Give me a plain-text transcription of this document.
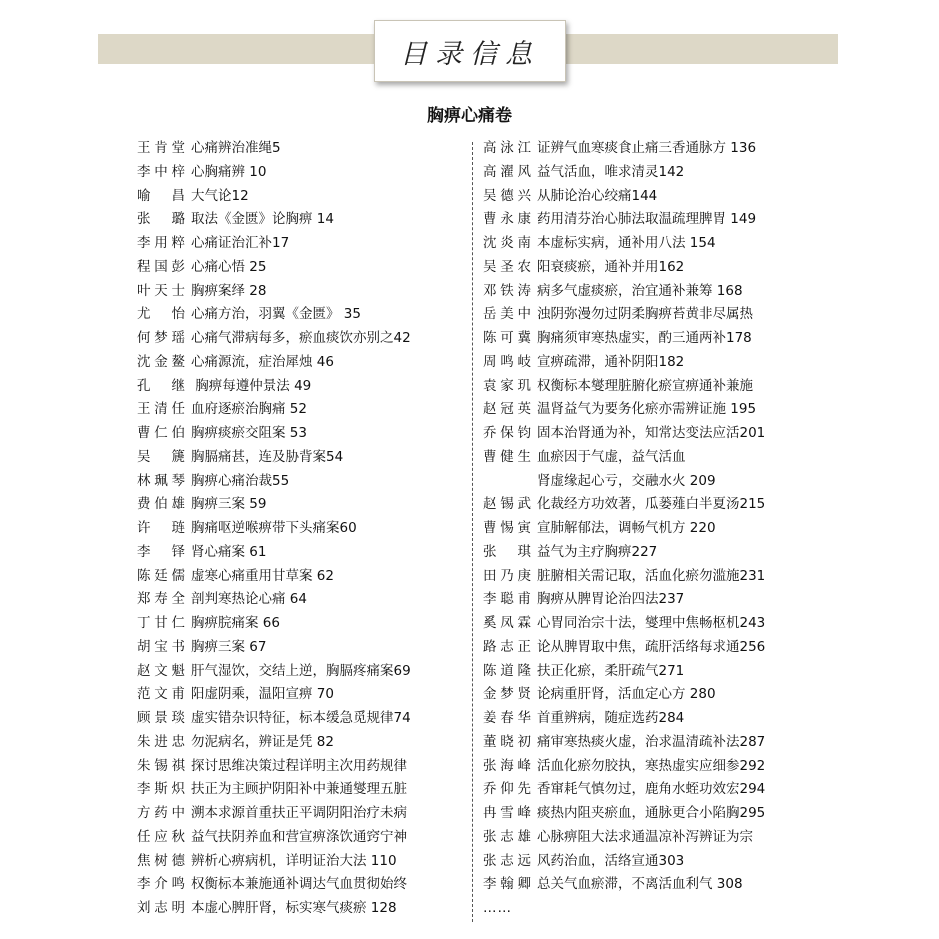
目录信息
胸痹心痛卷
王肯堂 心痛辨治准绳5
李中梓 心胸痛辨 10
喻　昌 大气论12
张　璐 取法《金匮》论胸痹 14
李用粹 心痛证治汇补17
程国彭 心痛心悟 25
叶天士 胸痹案绎 28
尤　怡 心痛方治，羽翼《金匮》 35
何梦瑶 心痛气滞病每多，瘀血痰饮亦别之42
沈金鳌 心痛源流，症治犀烛 46
孔继 胸痹每遵仲景法 49
王清任 血府逐瘀治胸痛 52
曹仁伯 胸痹痰瘀交阻案 53
吴　篪 胸膈痛甚，连及胁背案54
林珮琴 胸痹心痛治裁55
费伯雄 胸痹三案 59
许　琏 胸痛呕逆喉痹带下头痛案60
李　铎 肾心痛案 61
陈廷儒 虚寒心痛重用甘草案 62
郑寿全 剖判寒热论心痛 64
丁甘仁 胸痹脘痛案 66
胡宝书 胸痹三案 67
赵文魁 肝气湿饮，交结上逆，胸膈疼痛案69
范文甫 阳虚阴乘，温阳宣痹 70
顾景琰 虚实错杂识特征，标本缓急觅规律74
朱进忠 勿泥病名，辨证是凭 82
朱锡祺 探讨思维决策过程详明主次用药规律
李斯炽 扶正为主顾护阴阳补中兼通燮理五脏
方药中 溯本求源首重扶正平调阴阳治疗未病
任应秋 益气扶阴养血和营宣痹涤饮通窍宁神
焦树德 辨析心痹病机，详明证治大法 110
李介鸣 权衡标本兼施通补调达气血贯彻始终
刘志明 本虚心脾肝肾，标实寒气痰瘀 128
高泳江 证辨气血寒痰食止痛三香通脉方 136
高濯风 益气活血，唯求清灵142
吴德兴 从肺论治心绞痛144
曹永康 药用清芬治心肺法取温疏理脾胃 149
沈炎南 本虚标实病，通补用八法 154
吴圣农 阳衰痰瘀，通补并用162
邓铁涛 病多气虚痰瘀，治宜通补兼筹 168
岳美中 浊阴弥漫勿过阴柔胸痹苔黄非尽属热
陈可冀 胸痛须审寒热虚实，酌三通两补178
周鸣岐 宣痹疏滞，通补阴阳182
袁家玑 权衡标本燮理脏腑化瘀宣痹通补兼施
赵冠英 温肾益气为要务化瘀亦需辨证施 195
乔保钧 固本治肾通为补，知常达变法应活201
曹健生 血瘀因于气虚，益气活血
肾虚缘起心亏，交融水火 209
赵锡武 化裁经方功效著，瓜蒌薤白半夏汤215
曹惕寅 宣肺解郁法，调畅气机方 220
张　琪 益气为主疗胸痹227
田乃庚 脏腑相关需记取，活血化瘀勿滥施231
李聪甫 胸痹从脾胃论治四法237
奚凤霖 心胃同治宗十法，燮理中焦畅枢机243
路志正 论从脾胃取中焦，疏肝活络每求通256
陈道隆 扶正化瘀，柔肝疏气271
金梦贤 论病重肝肾，活血定心方 280
姜春华 首重辨病，随症选药284
董晓初 痛审寒热痰火虚，治求温清疏补法287
张海峰 活血化瘀勿胶执，寒热虚实应细参292
乔仰先 香窜耗气慎勿过，鹿角水蛭功效宏294
冉雪峰 痰热内阻夹瘀血，通脉更合小陷胸295
张志雄 心脉痹阻大法求通温凉补泻辨证为宗
张志远 风药治血，活络宣通303
李翰卿 总关气血瘀滞，不离活血利气 308
……
